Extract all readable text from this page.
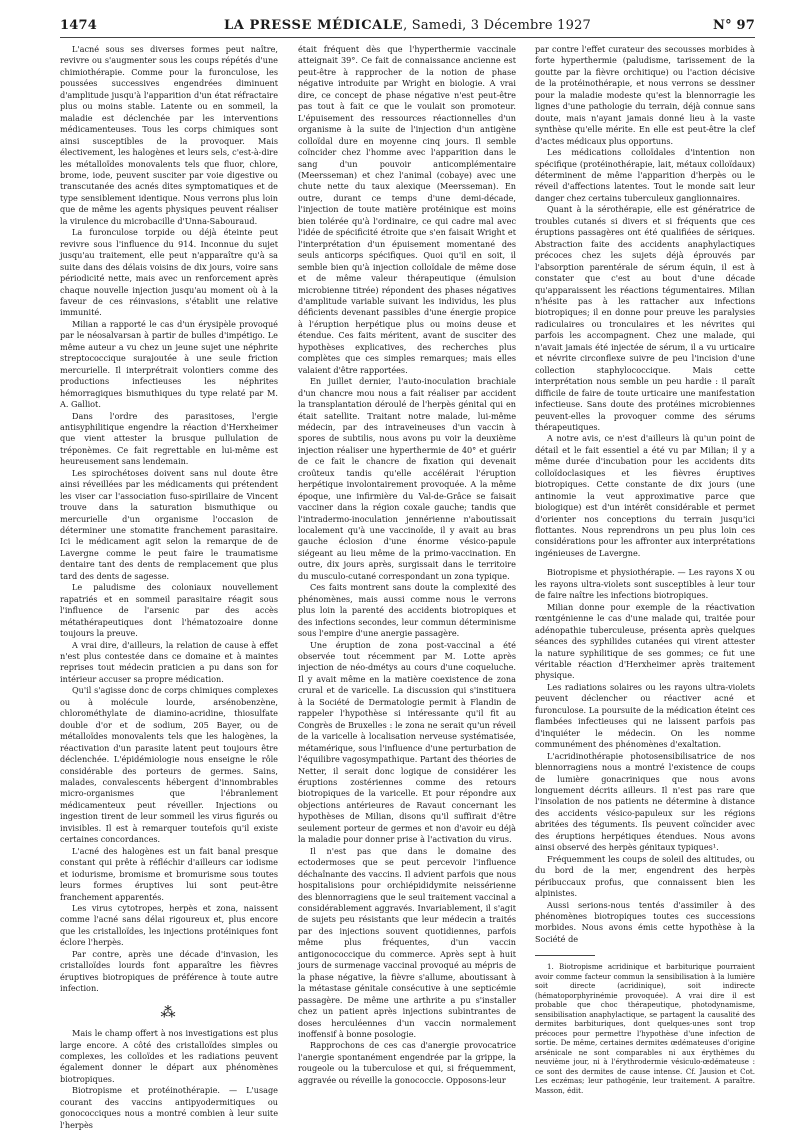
1474	LA PRESSE MÉDICALE, Samedi, 3 Décembre 1927	N° 97

L'acné sous ses diverses formes peut naître, revivre ou s'augmenter sous les coups répétés d'une chimiothérapie. Comme pour la furonculose, les poussées successives engendrées diminuent d'amplitude jusqu'à l'apparition d'un état réfractaire plus ou moins stable. Latente ou en sommeil, la maladie est déclenchée par les interventions médicamenteuses. Tous les corps chimiques sont ainsi susceptibles de la provoquer. Mais électivement, les halogènes et leurs sels, c'est-à-dire les métalloïdes monovalents tels que fluor, chlore, brome, iode, peuvent susciter par voie digestive ou transcutanée des acnés dites symptomatiques et de type sensiblement identique. Nous verrons plus loin que de même les agents physiques peuvent réaliser la virulence du microbacille d'Unna-Sabouraud.

La furonculose torpide ou déjà éteinte peut revivre sous l'influence du 914. Inconnue du sujet jusqu'au traitement, elle peut n'apparaître qu'à sa suite dans des délais voisins de dix jours, voire sans périodicité nette, mais avec un renforcement après chaque nouvelle injection jusqu'au moment où à la faveur de ces réinvasions, s'établit une relative immunité.

Milian a rapporté le cas d'un érysipèle provoqué par le néosalvarsan à partir de bulles d'impétigo. Le même auteur a vu chez un jeune sujet une néphrite streptococcique surajoutée à une seule friction mercurielle. Il interprétrait volontiers comme des productions infectieuses les néphrites hémorragiques bismuthiques du type relaté par M. A. Galliot.

Dans l'ordre des parasitoses, l'ergie antisyphilitique engendre la réaction d'Herxheimer que vient attester la brusque pullulation de tréponèmes. Ce fait regrettable en lui-même est heureusement sans lendemain.

Les spirochétoses doivent sans nul doute être ainsi réveillées par les médicaments qui prétendent les viser car l'association fuso-spirillaire de Vincent trouve dans la saturation bismuthique ou mercurielle d'un organisme l'occasion de déterminer une stomatite franchement parasitaire. Ici le médicament agit selon la remarque de de Lavergne comme le peut faire le traumatisme dentaire tant des dents de remplacement que plus tard des dents de sagesse.

Le paludisme des coloniaux nouvellement rapatriés et en sommeil parasitaire réagit sous l'influence de l'arsenic par des accès métathérapeutiques dont l'hématozoaire donne toujours la preuve.

A vrai dire, d'ailleurs, la relation de cause à effet n'est plus contestée dans ce domaine et à maintes reprises tout médecin praticien a pu dans son for intérieur accuser sa propre médication.

Qu'il s'agisse donc de corps chimiques complexes ou à molécule lourde, arsénobenzène, chlorométhylate de diamino-acridine, thiosulfate double d'or et de sodium, 205 Bayer, ou de métalloïdes monovalents tels que les halogènes, la réactivation d'un parasite latent peut toujours être déclenchée. L'épidémiologie nous enseigne le rôle considérable des porteurs de germes. Sains, malades, convalescents hébergent d'innombrables micro-organismes que l'ébranlement médicamenteux peut réveiller. Injections ou ingestion tirent de leur sommeil les virus figurés ou invisibles. Il est à remarquer toutefois qu'il existe certaines concordances.

L'acné des halogènes est un fait banal presque constant qui prête à réfléchir d'ailleurs car iodisme et iodurisme, bromisme et bromurisme sous toutes leurs formes éruptives lui sont peut-être franchement apparentés.

Les virus cytotropes, herpès et zona, naissent comme l'acné sans délai rigoureux et, plus encore que les cristalloïdes, les injections protéiniques font éclore l'herpès.

Par contre, après une décade d'invasion, les cristalloïdes lourds font apparaître les fièvres éruptives biotropiques de préférence à toute autre infection.

⁂

Mais le champ offert à nos investigations est plus large encore. A côté des cristalloïdes simples ou complexes, les colloïdes et les radiations peuvent également donner le départ aux phénomènes biotropiques.

Biotropisme et protéinothérapie. — L'usage courant des vaccins antipyodermitiques ou gonococciques nous a montré combien à leur suite l'herpès

était fréquent dès que l'hyperthermie vaccinale atteignait 39°. Ce fait de connaissance ancienne est peut-être à rapprocher de la notion de phase négative introduite par Wright en biologie. A vrai dire, ce concept de phase négative n'est peut-être pas tout à fait ce que le voulait son promoteur. L'épuisement des ressources réactionnelles d'un organisme à la suite de l'injection d'un antigène colloïdal dure en moyenne cinq jours. Il semble coïncider chez l'homme avec l'apparition dans le sang d'un pouvoir anticomplémentaire (Meersseman) et chez l'animal (cobaye) avec une chute nette du taux alexique (Meersseman). En outre, durant ce temps d'une demi-décade, l'injection de toute matière protéinique est moins bien tolérée qu'à l'ordinaire, ce qui cadre mal avec l'idée de spécificité étroite que s'en faisait Wright et l'interprétation d'un épuisement momentané des seuls anticorps spécifiques. Quoi qu'il en soit, il semble bien qu'à injection colloïdale de même dose et de même valeur thérapeutique (émulsion microbienne titrée) répondent des phases négatives d'amplitude variable suivant les individus, les plus déficients devenant passibles d'une énergie propice à l'éruption herpétique plus ou moins deuse et étendue. Ces faits méritent, avant de susciter des hypothèses explicatives, des recherches plus complètes que ces simples remarques; mais elles valaient d'être rapportées.

En juillet dernier, l'auto-inoculation brachiale d'un chancre mou nous a fait réaliser par accident la transplantation déroulé de l'herpès génital qui en était satellite. Traitant notre malade, lui-même médecin, par des intraveineuses d'un vaccin à spores de subtilis, nous avons pu voir la deuxième injection réaliser une hyperthermie de 40° et guérir de ce fait le chancre de fixation qui devenait croûteux tandis qu'elle accélérait l'éruption herpétique involontairement provoquée. A la même époque, une infirmière du Val-de-Grâce se faisait vacciner dans la région coxale gauche; tandis que l'intradermo-inoculation jennérienne n'aboutissait localement qu'à une vaccinoïde, il y avait au bras gauche éclosion d'une énorme vésico-papule siégeant au lieu même de la primo-vaccination. En outre, dix jours après, surgissait dans le territoire du musculo-cutané correspondant un zona typique.

Ces faits montrent sans doute la complexité des phénomènes, mais aussi comme nous le verrons plus loin la parenté des accidents biotropiques et des infections secondes, leur commun déterminisme sous l'empire d'une anergie passagère.

Une éruption de zona post-vaccinal a été observée tout récemment par M. Lotte après injection de néo-dmétys au cours d'une coqueluche. Il y avait même en la matière coexistence de zona crural et de varicelle. La discussion qui s'instituera à la Société de Dermatologie permit à Flandin de rappeler l'hypothèse si intéressante qu'il fit au Congrès de Bruxelles : le zona ne serait qu'un réveil de la varicelle à localisation nerveuse systématisée, métamérique, sous l'influence d'une perturbation de l'équilibre vagosympathique. Partant des théories de Netter, il serait donc logique de considérer les éruptions zostériennes comme des retours biotropiques de la varicelle. Et pour répondre aux objections antérieures de Ravaut concernant les hypothèses de Milian, disons qu'il suffirait d'être seulement porteur de germes et non d'avoir eu déjà la maladie pour donner prise à l'activation du virus.

Il n'est pas que dans le domaine des ectodermoses que se peut percevoir l'influence déchaînante des vaccins. Il advient parfois que nous hospitalisions pour orchiépididymite neissérienne des blennorragiens que le seul traitement vaccinal a considérablement aggravés. Invariablement, il s'agit de sujets peu résistants que leur médecin a traités par des injections souvent quotidiennes, parfois même plus fréquentes, d'un vaccin antigonococcique du commerce. Après sept à huit jours de surmenage vaccinal provoqué au mépris de la phase négative, la fièvre s'allume, aboutissant à la métastase génitale consécutive à une septicémie passagère. De même une arthrite a pu s'installer chez un patient après injections subintrantes de doses herculéennes d'un vaccin normalement inoffensif à bonne posologie.

Rapprochons de ces cas d'anergie provocatrice l'anergie spontanément engendrée par la grippe, la rougeole ou la tuberculose et qui, si fréquemment, aggravée ou réveille la gonococcie. Opposons-leur

par contre l'effet curateur des secousses morbides à forte hyperthermie (paludisme, tarissement de la goutte par la fièvre orchitique) ou l'action décisive de la protéinothérapie, et nous verrons se dessiner pour la maladie modeste qu'est la blennorragie les lignes d'une pathologie du terrain, déjà connue sans doute, mais n'ayant jamais donné lieu à la vaste synthèse qu'elle mérite. En elle est peut-être la clef d'actes médicaux plus opportuns.

Les médications colloïdales d'intention non spécifique (protéinothérapie, lait, métaux colloïdaux) déterminent de même l'apparition d'herpès ou le réveil d'affections latentes. Tout le monde sait leur danger chez certains tuberculeux ganglionnaires.

Quant à la sérothérapie, elle est génératrice de troubles cutanés si divers et si fréquents que ces éruptions passagères ont été qualifiées de sériques. Abstraction faite des accidents anaphylactiques précoces chez les sujets déjà éprouvés par l'absorption parentérale de sérum équin, il est à constater que c'est au bout d'une décade qu'apparaissent les réactions tégumentaires. Milian n'hésite pas à les rattacher aux infections biotropiques; il en donne pour preuve les paralysies radiculaires ou tronculaires et les névrites qui parfois les accompagnent. Chez une malade, qui n'avait jamais été injectée de sérum, il a vu urticaire et névrite circonflexe suivre de peu l'incision d'une collection staphylococcique. Mais cette interprétation nous semble un peu hardie : il paraît difficile de faire de toute urticaire une manifestation infectieuse. Sans doute des protéines microbiennes peuvent-elles la provoquer comme des sérums thérapeutiques.

A notre avis, ce n'est d'ailleurs là qu'un point de détail et le fait essentiel a été vu par Milian; il y a même durée d'incubation pour les accidents dits colloïdoclasiques et les fièvres éruptives biotropiques. Cette constante de dix jours (une antinomie la veut approximative parce que biologique) est d'un intérêt considérable et permet d'orienter nos conceptions du terrain jusqu'ici flottantes. Nous reprendrons un peu plus loin ces considérations pour les affronter aux interprétations ingénieuses de Lavergne.

Biotropisme et physiothérapie. — Les rayons X ou les rayons ultra-violets sont susceptibles à leur tour de faire naître les infections biotropiques.

Milian donne pour exemple de la réactivation rœntgénienne le cas d'une malade qui, traitée pour adénopathie tuberculeuse, présenta après quelques séances des syphilides cutanées qui virent attester la nature syphilitique de ses gommes; ce fut une véritable réaction d'Herxheimer après traitement physique.

Les radiations solaires ou les rayons ultra-violets peuvent déclencher ou réactiver acné et furonculose. La poursuite de la médication éteint ces flambées infectieuses qui ne laissent parfois pas d'inquiéter le médecin. On les nomme communément des phénomènes d'exaltation.

L'acridinothérapie photosensibilisatrice de nos blennorragiens nous a montré l'existence de coups de lumière gonacriniques que nous avons longuement décrits ailleurs. Il n'est pas rare que l'insolation de nos patients ne détermine à distance des accidents vésico-papuleux sur les régions abritées des téguments. Ils peuvent coïncider avec des éruptions herpétiques étendues. Nous avons ainsi observé des herpès génitaux typiques¹.

Fréquemment les coups de soleil des altitudes, ou du bord de la mer, engendrent des herpès péribuccaux profus, que connaissent bien les alpinistes.

Aussi serions-nous tentés d'assimiler à des phénomènes biotropiques toutes ces successions morbides. Nous avons émis cette hypothèse à la Société de

1. Biotropisme acridinique et barbiturique pourraient avoir comme facteur commun la sensibilisation à la lumière soit directe (acridinique), soit indirecte (hématoporphyrinémie provoquée). A vrai dire il est probable que choc thérapeutique, photodynamisme, sensibilisation anaphylactique, se partagent la causalité des dermites barbituriques, dont quelques-unes sont trop précoces pour permettre l'hypothèse d'une infection de sortie. De même, certaines dermites œdémateuses d'origine arsénicale ne sont comparables ni aux érythèmes du neuvième jour, ni à l'érythrodermie vésiculo-œdémateuse : ce sont des dermites de cause intense. Cf. Jausion et Cot. Les eczémas; leur pathogénie, leur traitement. A paraître. Masson, édit.
